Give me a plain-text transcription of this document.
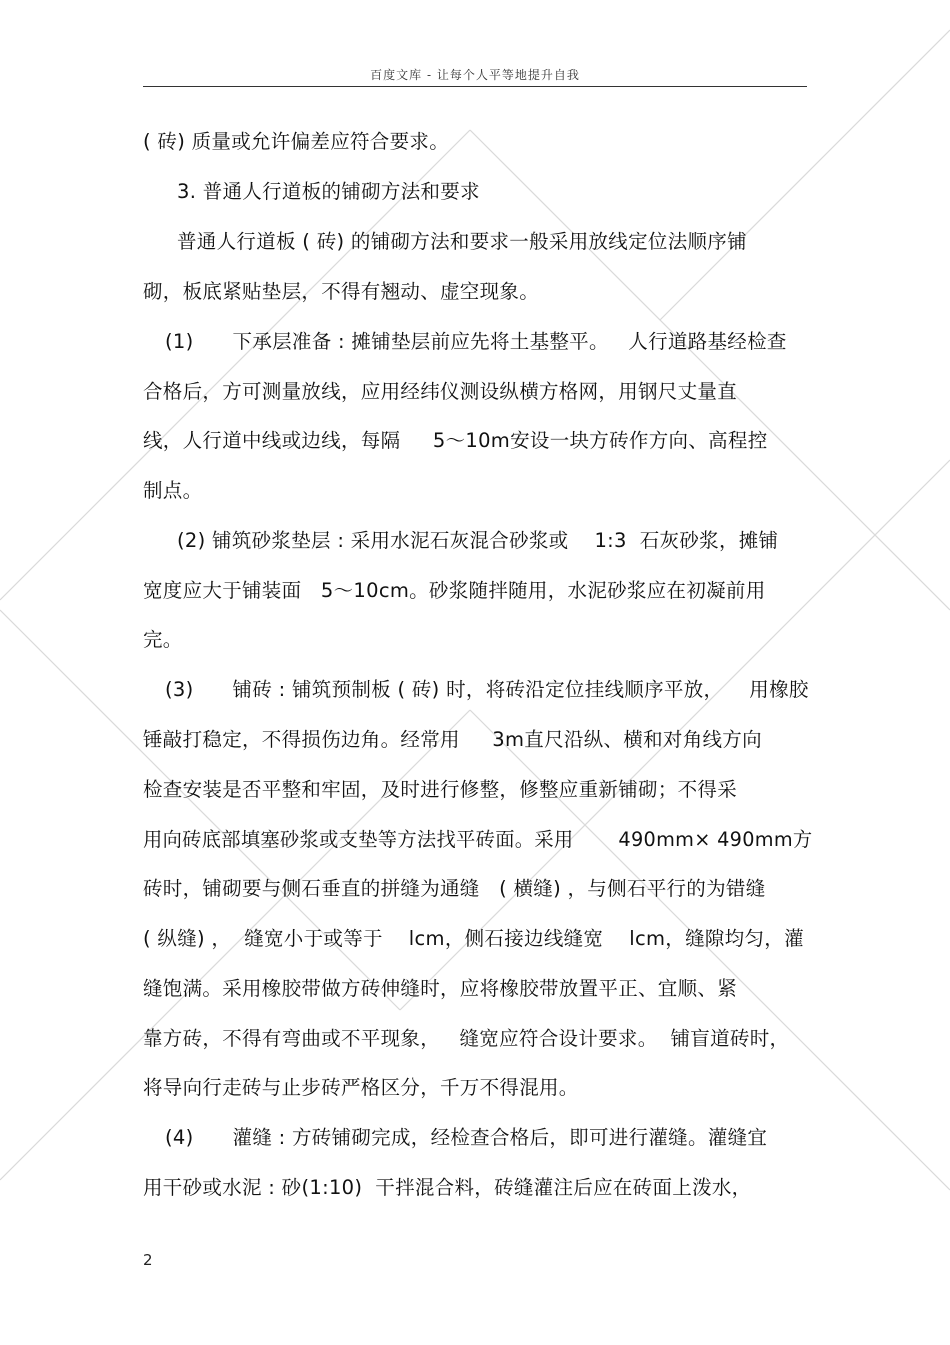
百度文库 - 让每个人平等地提升自我
( 砖) 质量或允许偏差应符合要求。
3. 普通人行道板的铺砌方法和要求
普通人行道板 ( 砖) 的铺砌方法和要求一般采用放线定位法顺序铺
砌，板底紧贴垫层，不得有翘动、虚空现象。
(1)      下承层准备 : 摊铺垫层前应先将土基整平。   人行道路基经检查
合格后，方可测量放线，应用经纬仪测设纵横方格网，用钢尺丈量直
线，人行道中线或边线，每隔     5～10m安设一块方砖作方向、高程控
制点。
(2) 铺筑砂浆垫层 : 采用水泥石灰混合砂浆或    1:3  石灰砂浆，摊铺
宽度应大于铺装面   5～10cm。砂浆随拌随用，水泥砂浆应在初凝前用
完。
(3)      铺砖 : 铺筑预制板 ( 砖) 时，将砖沿定位挂线顺序平放，    用橡胶
锤敲打稳定，不得损伤边角。经常用     3m直尺沿纵、横和对角线方向
检查安装是否平整和牢固，及时进行修整，修整应重新铺砌；不得采
用向砖底部填塞砂浆或支垫等方法找平砖面。采用       490mm× 490mm方
砖时，铺砌要与侧石垂直的拼缝为通缝   ( 横缝) ，与侧石平行的为错缝
( 纵缝) ，  缝宽小于或等于    lcm，侧石接边线缝宽    lcm，缝隙均匀，灌
缝饱满。采用橡胶带做方砖伸缝时，应将橡胶带放置平正、宜顺、紧
靠方砖，不得有弯曲或不平现象，   缝宽应符合设计要求。  铺盲道砖时，
将导向行走砖与止步砖严格区分，千万不得混用。
(4)      灌缝 : 方砖铺砌完成，经检查合格后，即可进行灌缝。灌缝宜
用干砂或水泥 : 砂(1:10)  干拌混合料，砖缝灌注后应在砖面上泼水，
2
